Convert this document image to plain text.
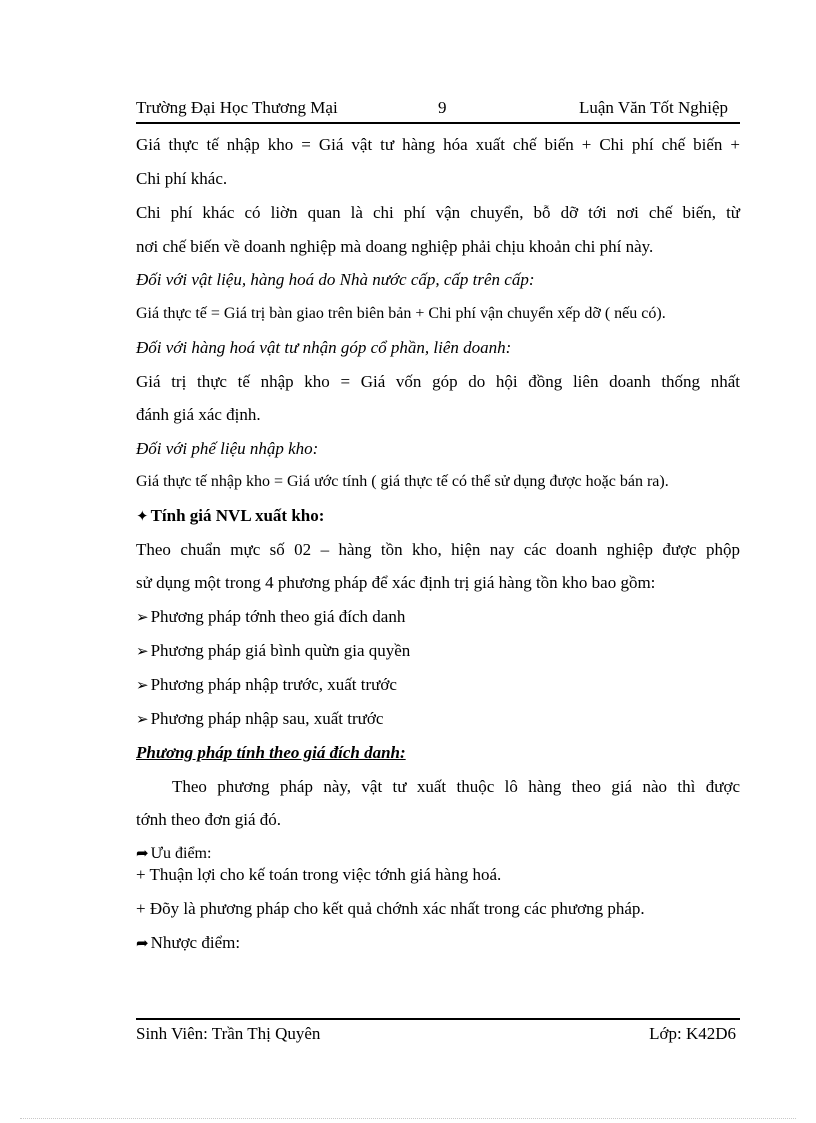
Trường Đại Học Thương Mại	9	Luận Văn Tốt Nghiệp
Giá thực tế nhập kho = Giá vật tư hàng hóa xuất chế biến + Chi phí chế biến +
Chi phí khác.
Chi phí khác có liờn quan là chi phí vận chuyển, bỗ dỡ tới nơi chế biến, từ
nơi chế biến về doanh nghiệp mà doang nghiệp phải chịu khoản chi phí này.
Đối với vật liệu, hàng hoá do Nhà nước cấp, cấp trên cấp:
Giá thực tế = Giá trị bàn giao trên biên bản + Chi phí vận chuyển xếp dỡ ( nếu có).
Đối với hàng hoá vật tư nhận góp cổ phần, liên doanh:
Giá trị thực tế nhập kho = Giá vốn góp do hội đồng liên doanh thống nhất
đánh giá xác định.
Đối với phế liệu nhập kho:
Giá thực tế nhập kho = Giá ước tính ( giá thực tế có thể sử dụng được hoặc bán ra).
✦ Tính giá NVL xuất kho:
Theo chuẩn mực số 02 – hàng tồn kho, hiện nay các doanh nghiệp được phộp
sử dụng một trong 4 phương pháp để xác định trị giá hàng tồn kho bao gồm:
➢ Phương pháp tớnh theo giá đích danh
➢ Phương pháp giá bình quừn gia quyền
➢ Phương pháp nhập trước, xuất trước
➢ Phương pháp nhập sau, xuất trước
Phương pháp tính theo giá đích danh:
Theo phương pháp này, vật tư xuất thuộc lô hàng theo giá nào thì được
tớnh theo đơn giá đó.
➦ Ưu điểm:
+ Thuận lợi cho kế toán trong việc tớnh giá hàng hoá.
+ Đõy là phương pháp cho kết quả chớnh xác nhất trong các phương pháp.
➦ Nhược điểm:
Sinh Viên: Trần Thị Quyên	Lớp: K42D6
